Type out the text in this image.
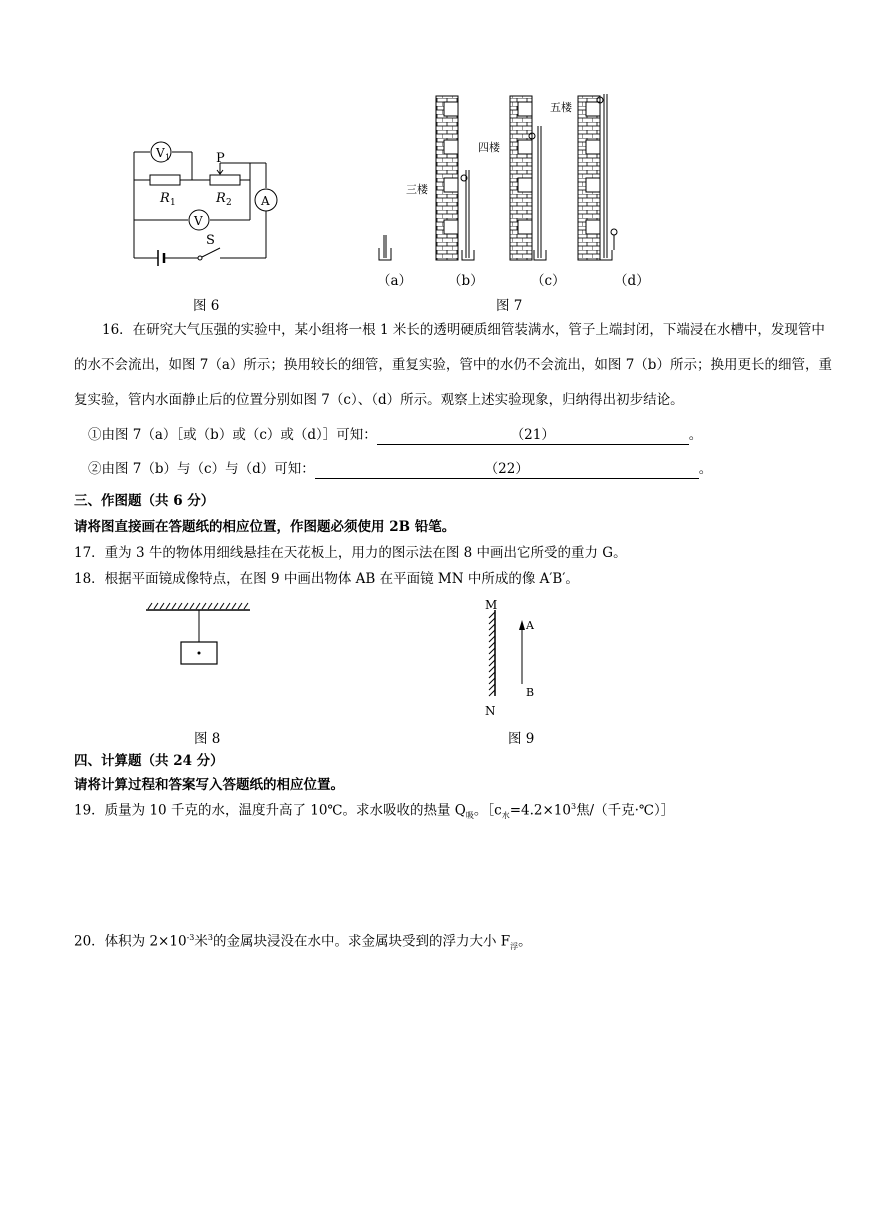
V 1	P
R 1	R 2 A
V
S
图 6
三楼
四楼
五楼
（a）	（b）	（c）	（d）
图 7
16．在研究大气压强的实验中，某小组将一根 1 米长的透明硬质细管装满水，管子上端封闭，下端浸在水槽中，发现管中的水不会流出，如图 7（a）所示；换用较长的细管，重复实验，管中的水仍不会流出，如图 7（b）所示；换用更长的细管，重复实验，管内水面静止后的位置分别如图 7（c）、（d）所示。观察上述实验现象，归纳得出初步结论。
①由图 7（a）［或（b）或（c）或（d）］可知：	（21）	。
②由图 7（b）与（c）与（d）可知：	（22）	。
三、作图题（共 6 分）
请将图直接画在答题纸的相应位置，作图题必须使用 2B 铅笔。
17．重为 3 牛的物体用细线悬挂在天花板上，用力的图示法在图 8 中画出它所受的重力 G。
18．根据平面镜成像特点，在图 9 中画出物体 AB 在平面镜 MN 中所成的像 A′B′。
图 8
M
N
A
B
图 9
四、计算题（共 24 分）
请将计算过程和答案写入答题纸的相应位置。
19．质量为 10 千克的水，温度升高了 10℃。求水吸收的热量 $Q_吸$。$[c_水=4.2\times 10^3$焦/（千克·℃）］
20．体积为 $2\times 10^{-3}$米$^3$的金属块浸没在水中。求金属块受到的浮力大小 $F_浮$。
